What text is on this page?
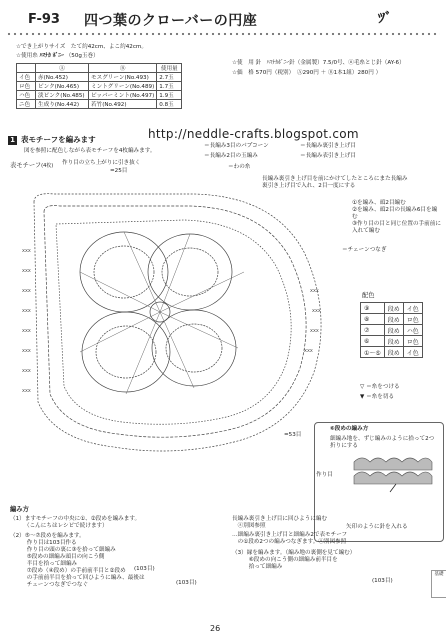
F-93 四つ葉のクローバーの円座	ﾂﾞ
☆でき上がりサイズ　たて約42cm、よこ約42cm。
☆使用糸 ﾊﾏﾅｶ ﾎﾞﾆｰ （50g玉巻）
	Ⓐ	Ⓑ	使用量
イ色	赤(No.452)	モスグリーン(No.493)	2.7玉
ロ色	ピンク(No.465)	ミントグリーン(No.489)	1.7玉
ハ色	淡ピンク(No.485)	ピッパーミント(No.497)	1.9玉
ニ色	生成り(No.442)	若竹(No.492)	0.8玉
☆使　用 針　ﾊﾏﾅｶﾎﾞﾆｰ針（金属製）7.5/0号、ⓝ毛糸とじ針（AY-6）
☆価　格 570円（税別）　Ⓐ290円 ＋ Ⓑ1本1組）280円 ）
http://neddle-crafts.blogspot.com
1 表モチーフを編みます
図を参照に配色しながら表モチーフを4枚編みます。
表モチーフ(4枚) 作り目の立ち上がりに引き抜く
=25目
xxx
xxx
xxx
xxx
xxx
xxx
xxx
xxx
xxx
xxx
xxx
xxx
=53目
＝長編み3目のパプコーン
＝長編み2目の玉編み
＝長編み裏引き上げ目
＝長編み表引き上げ目
＝わの糸
長編み裏引き上げ目を前にかけてしたところにまた長編み裏引き上げ目で入れ、2目一度にする
①を編み、頭2目編む
②を編み、頭2目の長編み6目を編む
③作り目の目と同じ位置の手前前に入れて編む
＝チェーンつなぎ
配色
⑨	段め	イ色
⑧	段め	ロ色
⑦	段め	ハ色
⑥	段め	ロ色
①〜⑤	段め	イ色
▽ ＝糸をつける
▼ ＝糸を切る
⑥段めの編み方
細編み地を、ずじ編みのように拾って2つ折りにする
作り目
矢印のように針を入れる
編み方
（1）ますモチーフの中央に①、②段めを編みます。
　　　（こんにちはレシピで続けます）
（2）⑤〜⑦段めを編みます。
　　　作り目は103目作る
　　　作り目の頭の裏に③を拾って細編み
　　　⑤段めの細編み頭目の向こう側
　　　半目を拾って細編み
　　　⑦段め（④段め）の手前前半目と②段め
　　　の手前前半目を拾って回ひように編み、最後は
　　　チェーンつなぎでつなぐ
(103目)
(103目)
長編み裏引き上げ目に回ひように編む
　ⓢ別図参照
…細編み裏引き上げ目と細編み2で表モチーフ
　の①段め2つの編みつなぎます。ⓢ別図参照
（3）縁を編みます。（編み地の裏側を見て編む）
　　　⑥段めの向こう側の細編み前半目を
　　　拾って細編み
(103目)
基礎
26
